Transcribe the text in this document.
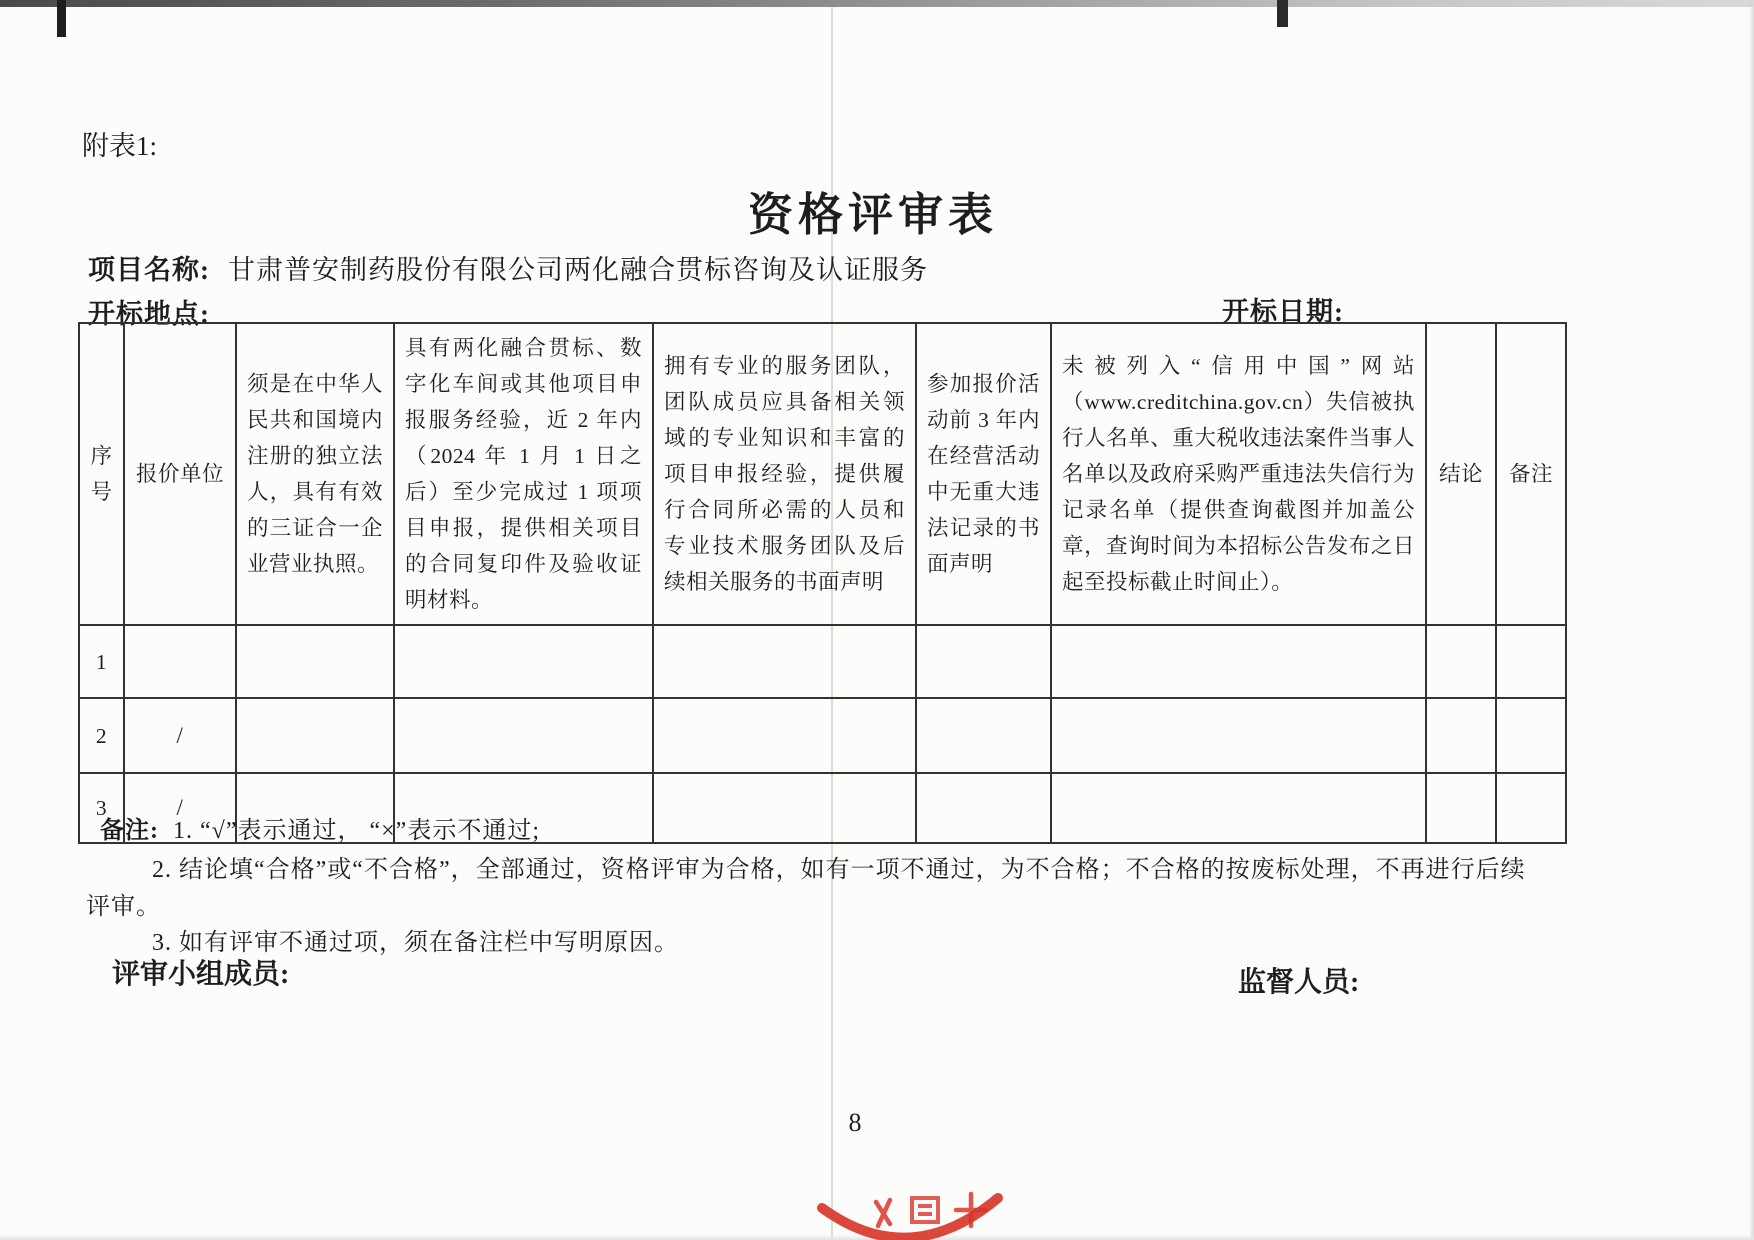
附表1:
资格评审表
项目名称: 甘肃普安制药股份有限公司两化融合贯标咨询及认证服务
开标地点:	开标日期:
序号	报价单位	须是在中华人民共和国境内注册的独立法人，具有有效的三证合一企业营业执照。	具有两化融合贯标、数字化车间或其他项目申报服务经验，近 2 年内（2024 年 1 月 1 日之后）至少完成过 1 项项目申报，提供相关项目的合同复印件及验收证明材料。	拥有专业的服务团队，团队成员应具备相关领域的专业知识和丰富的项目申报经验，提供履行合同所必需的人员和专业技术服务团队及后续相关服务的书面声明	参加报价活动前 3 年内在经营活动中无重大违法记录的书面声明	未被列入“信用中国”网站（www.creditchina.gov.cn）失信被执行人名单、重大税收违法案件当事人名单以及政府采购严重违法失信行为记录名单（提供查询截图并加盖公章，查询时间为本招标公告发布之日起至投标截止时间止）。	结论	备注
1								
2	/							
3	/							
备注: 1. “√”表示通过， “×”表示不通过;
2. 结论填“合格”或“不合格”，全部通过，资格评审为合格，如有一项不通过，为不合格；不合格的按废标处理，不再进行后续
评审。
3. 如有评审不通过项，须在备注栏中写明原因。
评审小组成员:	监督人员:
8
